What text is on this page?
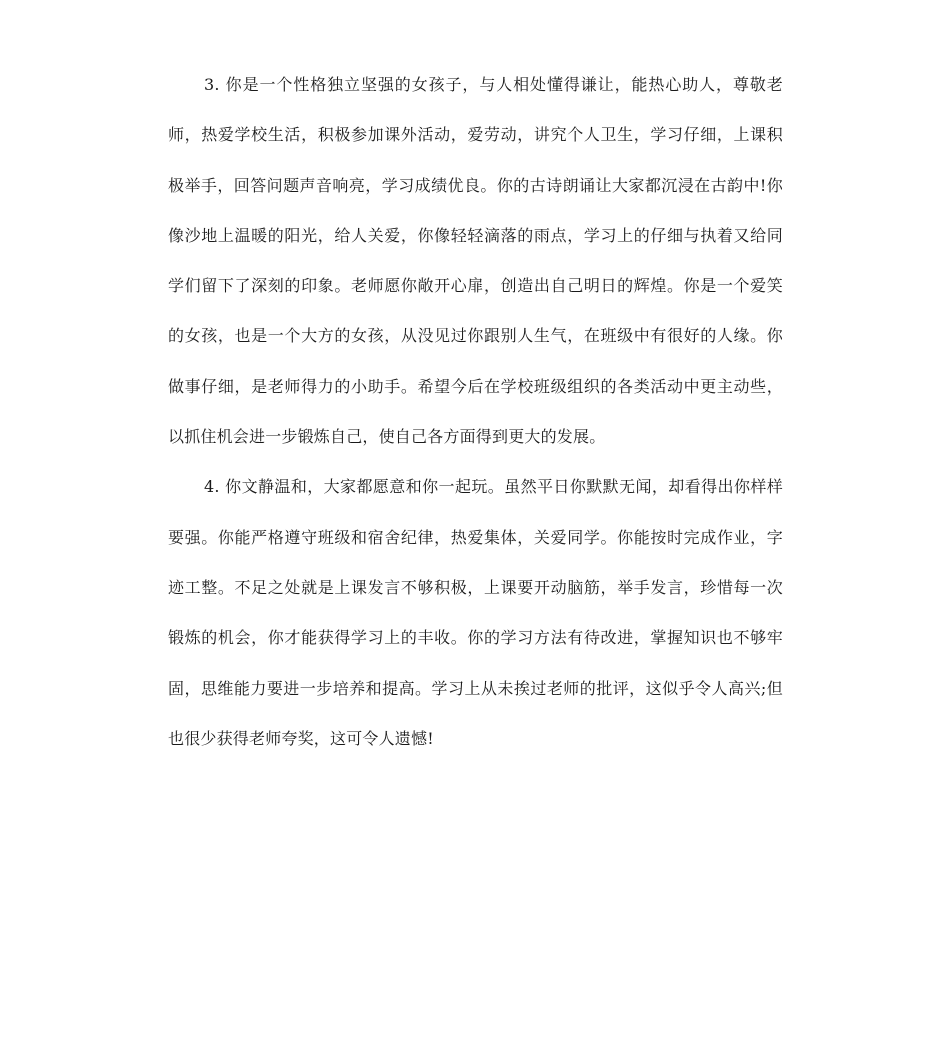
3. 你是一个性格独立坚强的女孩子，与人相处懂得谦让，能热心助人，尊敬老师，热爱学校生活，积极参加课外活动，爱劳动，讲究个人卫生，学习仔细，上课积极举手，回答问题声音响亮，学习成绩优良。你的古诗朗诵让大家都沉浸在古韵中!你像沙地上温暖的阳光，给人关爱，你像轻轻滴落的雨点，学习上的仔细与执着又给同学们留下了深刻的印象。老师愿你敞开心扉，创造出自己明日的辉煌。你是一个爱笑的女孩，也是一个大方的女孩，从没见过你跟别人生气，在班级中有很好的人缘。你做事仔细，是老师得力的小助手。希望今后在学校班级组织的各类活动中更主动些，以抓住机会进一步锻炼自己，使自己各方面得到更大的发展。

4. 你文静温和，大家都愿意和你一起玩。虽然平日你默默无闻，却看得出你样样要强。你能严格遵守班级和宿舍纪律，热爱集体，关爱同学。你能按时完成作业，字迹工整。不足之处就是上课发言不够积极，上课要开动脑筋，举手发言，珍惜每一次锻炼的机会，你才能获得学习上的丰收。你的学习方法有待改进，掌握知识也不够牢固，思维能力要进一步培养和提高。学习上从未挨过老师的批评，这似乎令人高兴;但也很少获得老师夸奖，这可令人遗憾!
